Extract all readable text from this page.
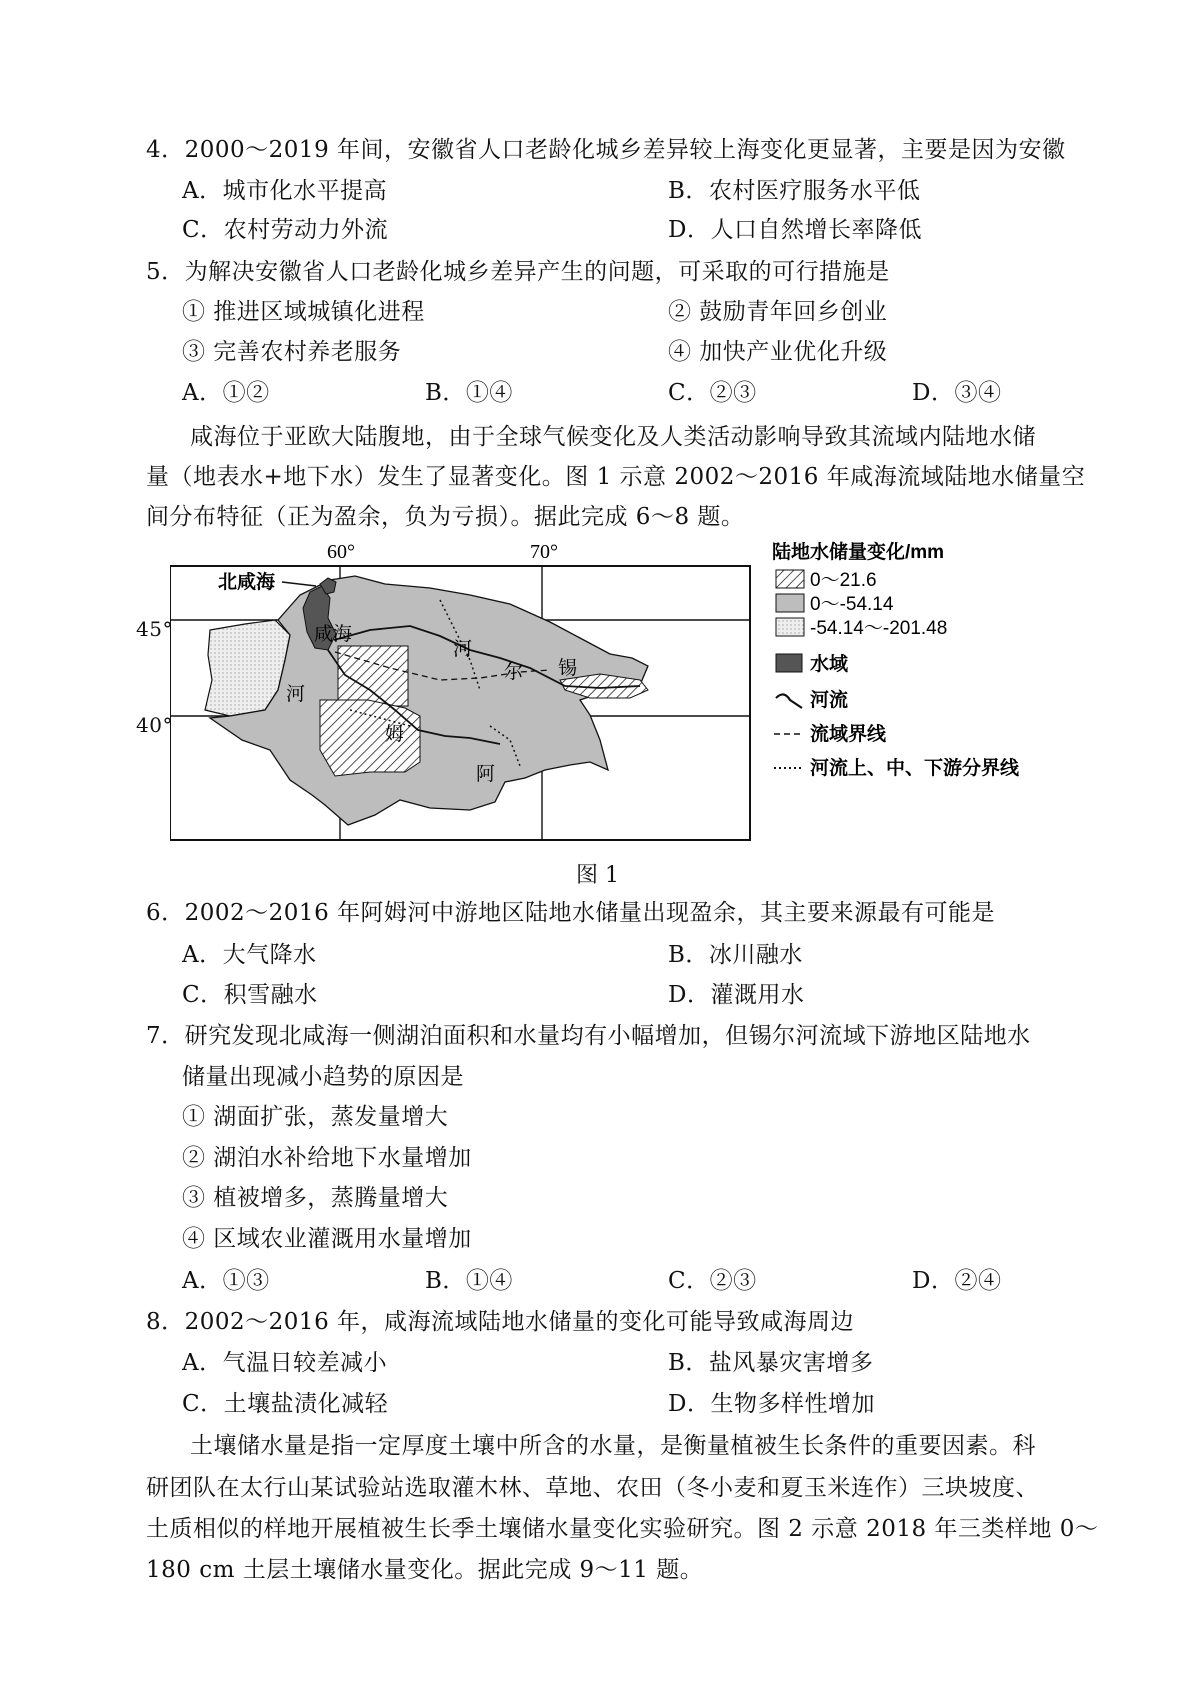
4．2000～2019 年间，安徽省人口老龄化城乡差异较上海变化更显著，主要是因为安徽
A．城市化水平提高	B．农村医疗服务水平低
C．农村劳动力外流	D．人口自然增长率降低
5．为解决安徽省人口老龄化城乡差异产生的问题，可采取的可行措施是
① 推进区域城镇化进程	② 鼓励青年回乡创业
③ 完善农村养老服务	④ 加快产业优化升级
A．①②	B．①④	C．②③	D．③④
咸海位于亚欧大陆腹地，由于全球气候变化及人类活动影响导致其流域内陆地水储
量（地表水+地下水）发生了显著变化。图 1 示意 2002～2016 年咸海流域陆地水储量空
间分布特征（正为盈余，负为亏损）。据此完成 6～8 题。
60°	70°
北咸海
咸海
河
姆
阿
河
尔 锡
陆地水储量变化/mm
0～21.6
0～-54.14
-54.14～-201.48
水域
河流
流域界线
河流上、中、下游分界线
45°
40°
图 1
6．2002～2016 年阿姆河中游地区陆地水储量出现盈余，其主要来源最有可能是
A．大气降水	B．冰川融水
C．积雪融水	D．灌溉用水
7．研究发现北咸海一侧湖泊面积和水量均有小幅增加，但锡尔河流域下游地区陆地水
储量出现减小趋势的原因是
① 湖面扩张，蒸发量增大
② 湖泊水补给地下水量增加
③ 植被增多，蒸腾量增大
④ 区域农业灌溉用水量增加
A．①③	B．①④	C．②③	D．②④
8．2002～2016 年，咸海流域陆地水储量的变化可能导致咸海周边
A．气温日较差减小	B．盐风暴灾害增多
C．土壤盐渍化减轻	D．生物多样性增加
土壤储水量是指一定厚度土壤中所含的水量，是衡量植被生长条件的重要因素。科
研团队在太行山某试验站选取灌木林、草地、农田（冬小麦和夏玉米连作）三块坡度、
土质相似的样地开展植被生长季土壤储水量变化实验研究。图 2 示意 2018 年三类样地 0～
180 cm 土层土壤储水量变化。据此完成 9～11 题。
